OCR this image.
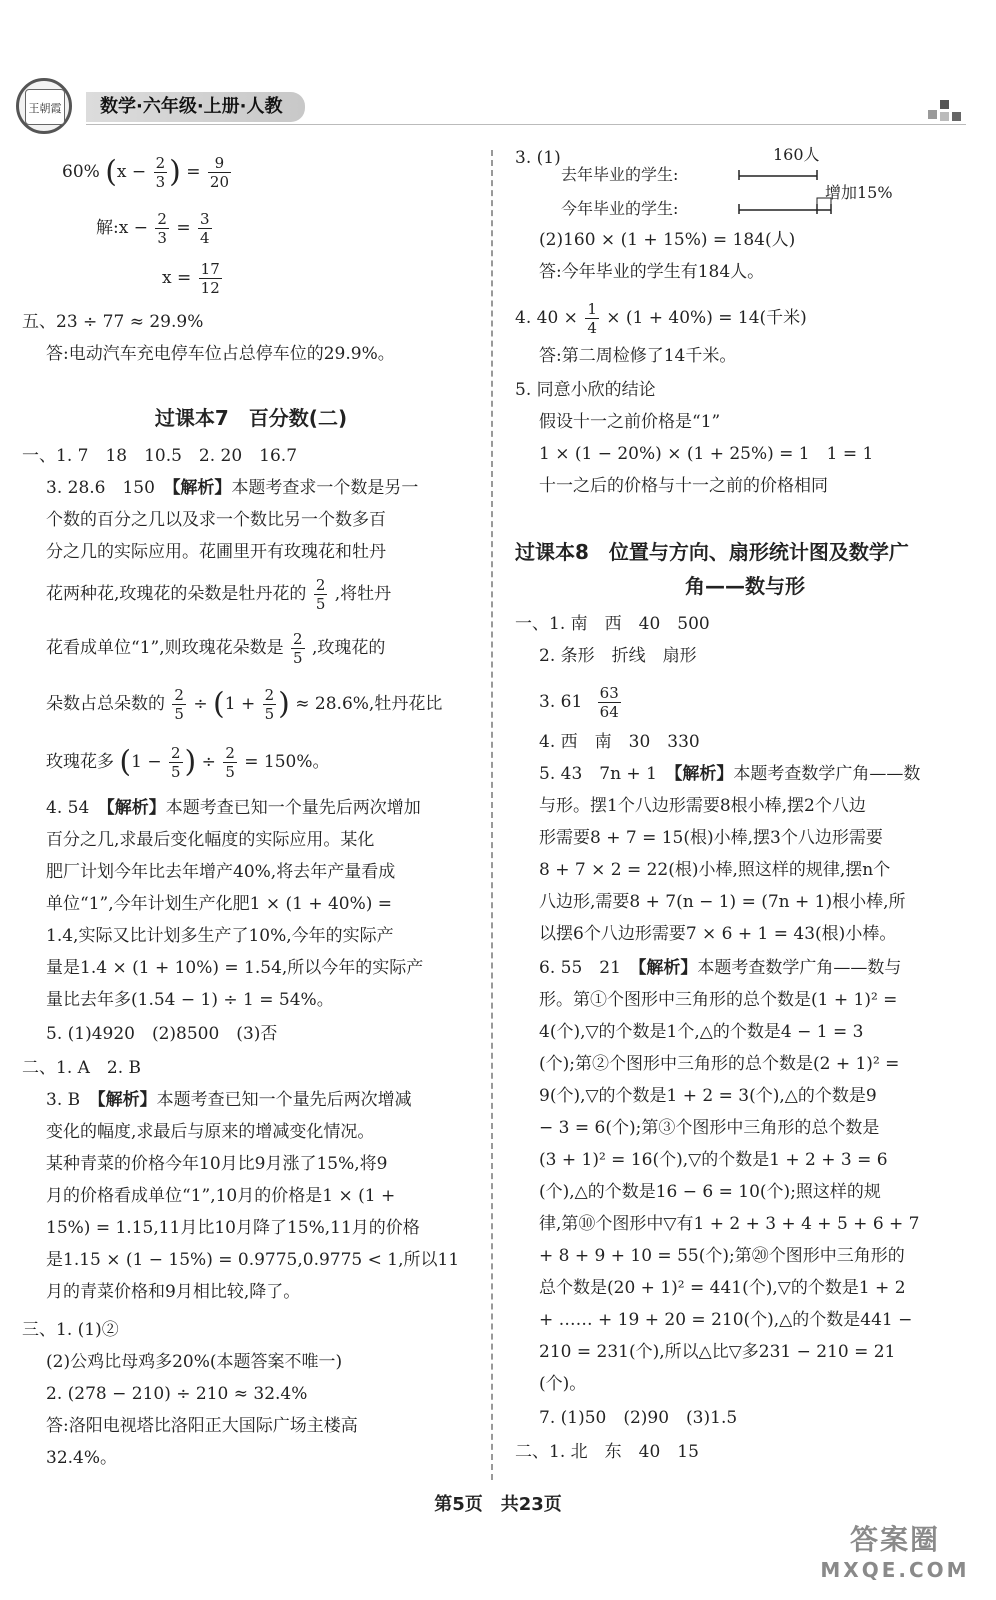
王朝霞	数学·六年级·上册·人教
60% ($x - \frac{2}{3}$ ) = $\frac{9}{20}$
解:x − $\frac{2}{3} = \frac{3}{4}$
$x = \frac{17}{12}$
五、23 ÷ 77 ≈ 29.9%
答:电动汽车充电停车位占总停车位的29.9%。
过课本7　百分数(二)
一、1. 7　18　10.5　2. 20　16.7
3. 28.6　150　【解析】本题考查求一个数是另一
个数的百分之几以及求一个数比另一个数多百
分之几的实际应用。花圃里开有玫瑰花和牡丹
花两种花,玫瑰花的朵数是牡丹花的 $\frac{2}{5}$ ,将牡丹
花看成单位“1”,则玫瑰花朵数是 $\frac{2}{5}$ ,玫瑰花的
朵数占总朵数的 $\frac{2}{5} \div (1 + \frac{2}{5}$ ) ≈ 28.6%,牡丹花比
玫瑰花多 ($1 - \frac{2}{5}$ ) ÷ $\frac{2}{5} = 150\%$。
4. 54　【解析】本题考查已知一个量先后两次增加
百分之几,求最后变化幅度的实际应用。某化
肥厂计划今年比去年增产40%,将去年产量看成
单位“1”,今年计划生产化肥1 × (1 + 40%) =
1.4,实际又比计划多生产了10%,今年的实际产
量是1.4 × (1 + 10%) = 1.54,所以今年的实际产
量比去年多(1.54 − 1) ÷ 1 = 54%。
5. (1)4920　(2)8500　(3)否
二、1. A　2. B
3. B　【解析】本题考查已知一个量先后两次增减
变化的幅度,求最后与原来的增减变化情况。
某种青菜的价格今年10月比9月涨了15%,将9
月的价格看成单位“1”,10月的价格是1 × (1 +
15%) = 1.15,11月比10月降了15%,11月的价格
是1.15 × (1 − 15%) = 0.9775,0.9775 < 1,所以11
月的青菜价格和9月相比较,降了。
三、1. (1)②
(2)公鸡比母鸡多20%(本题答案不唯一)
2. (278 − 210) ÷ 210 ≈ 32.4%
答:洛阳电视塔比洛阳正大国际广场主楼高
32.4%。
3. (1)
去年毕业的学生:
今年毕业的学生:
160人
增加15%
(2)160 × (1 + 15%) = 184(人)
答:今年毕业的学生有184人。
4. $40 \times \frac{1}{4} \times (1 + 40\%) = 14$(千米)
答:第二周检修了14千米。
5. 同意小欣的结论
假设十一之前价格是“1”
1 × (1 − 20%) × (1 + 25%) = 1　1 = 1
十一之后的价格与十一之前的价格相同
过课本8　位置与方向、扇形统计图及数学广
角——数与形
一、1. 南　西　40　500
2. 条形　折线　扇形
3. $61 \frac{63}{64}$
4. 西　南　30　330
5. 43　7n + 1　【解析】本题考查数学广角——数
与形。摆1个八边形需要8根小棒,摆2个八边
形需要8 + 7 = 15(根)小棒,摆3个八边形需要
8 + 7 × 2 = 22(根)小棒,照这样的规律,摆n个
八边形,需要8 + 7(n − 1) = (7n + 1)根小棒,所
以摆6个八边形需要7 × 6 + 1 = 43(根)小棒。
6. 55　21　【解析】本题考查数学广角——数与
形。第①个图形中三角形的总个数是(1 + 1)² =
4(个),▽的个数是1个,△的个数是4 − 1 = 3
(个);第②个图形中三角形的总个数是(2 + 1)² =
9(个),▽的个数是1 + 2 = 3(个),△的个数是9
− 3 = 6(个);第③个图形中三角形的总个数是
(3 + 1)² = 16(个),▽的个数是1 + 2 + 3 = 6
(个),△的个数是16 − 6 = 10(个);照这样的规
律,第⑩个图形中▽有1 + 2 + 3 + 4 + 5 + 6 + 7
+ 8 + 9 + 10 = 55(个);第⑳个图形中三角形的
总个数是(20 + 1)² = 441(个),▽的个数是1 + 2
+ …… + 19 + 20 = 210(个),△的个数是441 −
210 = 231(个),所以△比▽多231 − 210 = 21
(个)。
7. (1)50　(2)90　(3)1.5
二、1. 北　东　40　15
第5页　共23页
答案圈
MXQE.COM
